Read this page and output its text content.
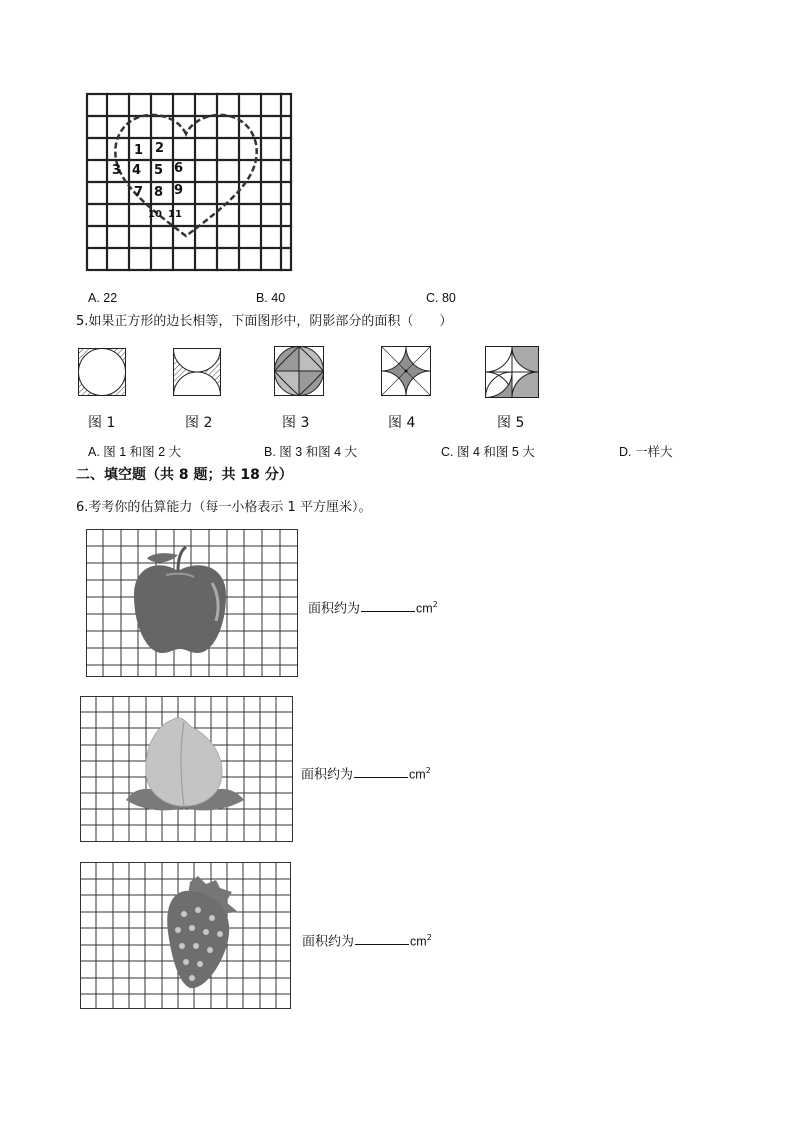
1 2
3 4 5 6
7 8 9
10 11
A. 22	B. 40	C. 80
5.如果正方形的边长相等，下面图形中，阴影部分的面积（　　）
图 1	图 2	图 3	图 4	图 5
A. 图 1 和图 2 大	B. 图 3 和图 4 大	C. 图 4 和图 5 大	D. 一样大
二、填空题（共 8 题；共 18 分）
6.考考你的估算能力（每一小格表示 1 平方厘米）。
面积约为	$cm^2$
面积约为	$cm^2$
面积约为	$cm^2$
